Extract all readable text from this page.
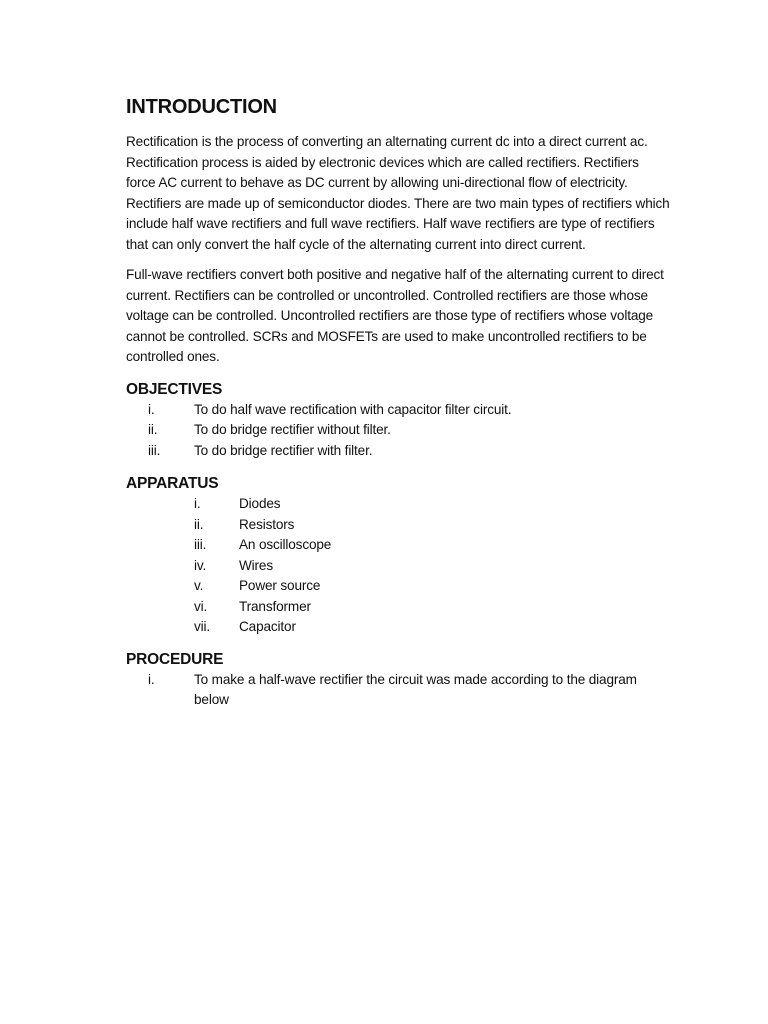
INTRODUCTION

Rectification is the process of converting an alternating current dc into a direct current ac. Rectification process is aided by electronic devices which are called rectifiers. Rectifiers force AC current to behave as DC current by allowing uni-directional flow of electricity. Rectifiers are made up of semiconductor diodes. There are two main types of rectifiers which include half wave rectifiers and full wave rectifiers. Half wave rectifiers are type of rectifiers that can only convert the half cycle of the alternating current into direct current.

Full-wave rectifiers convert both positive and negative half of the alternating current to direct current. Rectifiers can be controlled or uncontrolled. Controlled rectifiers are those whose voltage can be controlled. Uncontrolled rectifiers are those type of rectifiers whose voltage cannot be controlled. SCRs and MOSFETs are used to make uncontrolled rectifiers to be controlled ones.

OBJECTIVES
i.	To do half wave rectification with capacitor filter circuit.
ii.	To do bridge rectifier without filter.
iii. To do bridge rectifier with filter.
APPARATUS
i.	Diodes
ii.	Resistors
iii. An oscilloscope
iv. Wires
v.	Power source
vi. Transformer
vii. Capacitor
PROCEDURE
i.	To make a half-wave rectifier the circuit was made according to the diagram below
